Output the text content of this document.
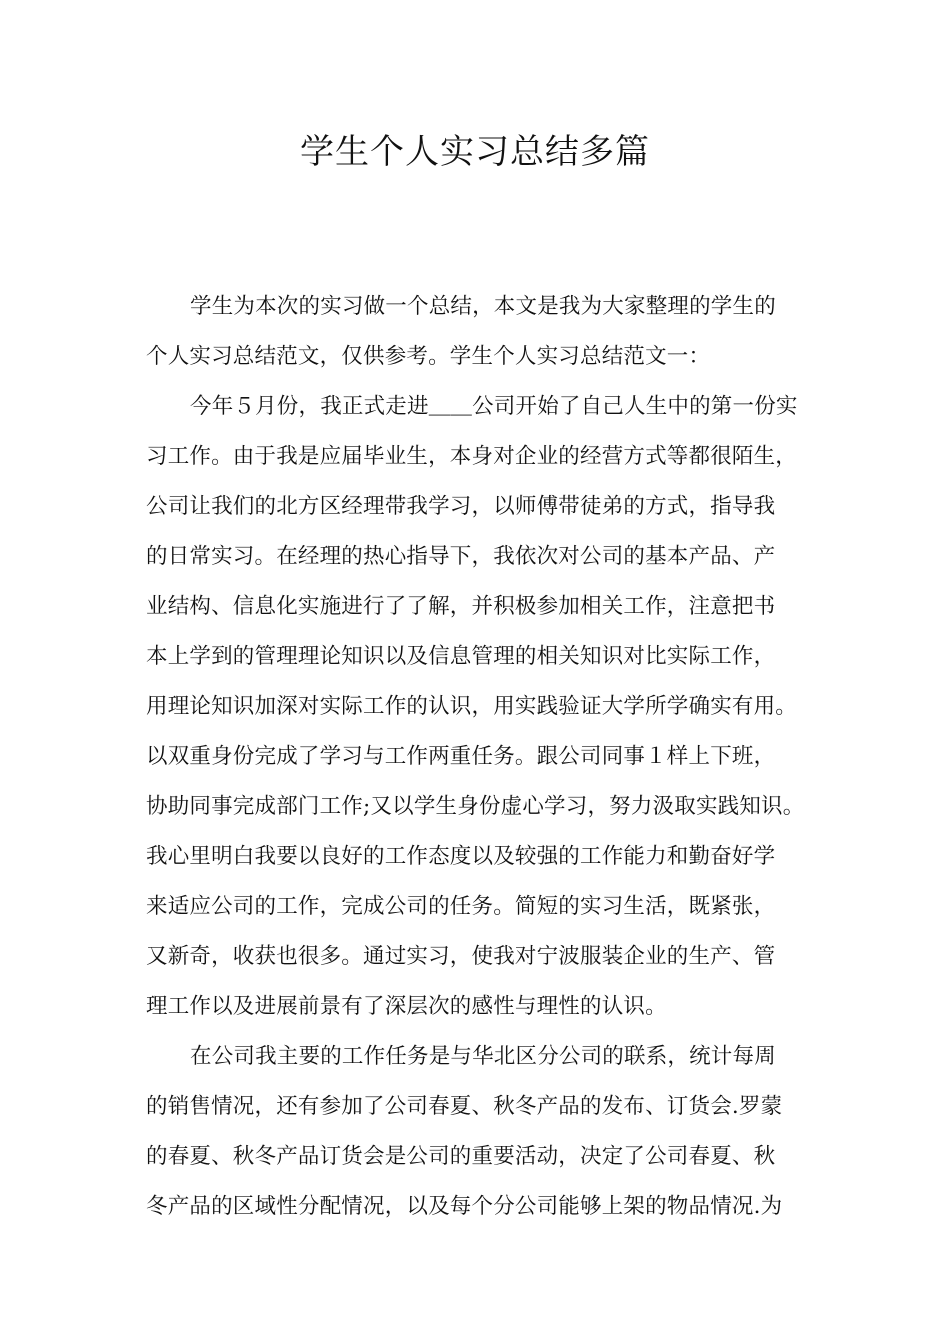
学生个人实习总结多篇
学生为本次的实习做一个总结，本文是我为大家整理的学生的
个人实习总结范文，仅供参考。学生个人实习总结范文一：
今年５月份，我正式走进＿＿公司开始了自己人生中的第一份实
习工作。由于我是应届毕业生，本身对企业的经营方式等都很陌生，
公司让我们的北方区经理带我学习，以师傅带徒弟的方式，指导我
的日常实习。在经理的热心指导下，我依次对公司的基本产品、产
业结构、信息化实施进行了了解，并积极参加相关工作，注意把书
本上学到的管理理论知识以及信息管理的相关知识对比实际工作，
用理论知识加深对实际工作的认识，用实践验证大学所学确实有用。
以双重身份完成了学习与工作两重任务。跟公司同事１样上下班，
协助同事完成部门工作;又以学生身份虚心学习，努力汲取实践知识。
我心里明白我要以良好的工作态度以及较强的工作能力和勤奋好学
来适应公司的工作，完成公司的任务。简短的实习生活，既紧张，
又新奇，收获也很多。通过实习，使我对宁波服装企业的生产、管
理工作以及进展前景有了深层次的感性与理性的认识。
在公司我主要的工作任务是与华北区分公司的联系，统计每周
的销售情况，还有参加了公司春夏、秋冬产品的发布、订货会.罗蒙
的春夏、秋冬产品订货会是公司的重要活动，决定了公司春夏、秋
冬产品的区域性分配情况，以及每个分公司能够上架的物品情况.为
